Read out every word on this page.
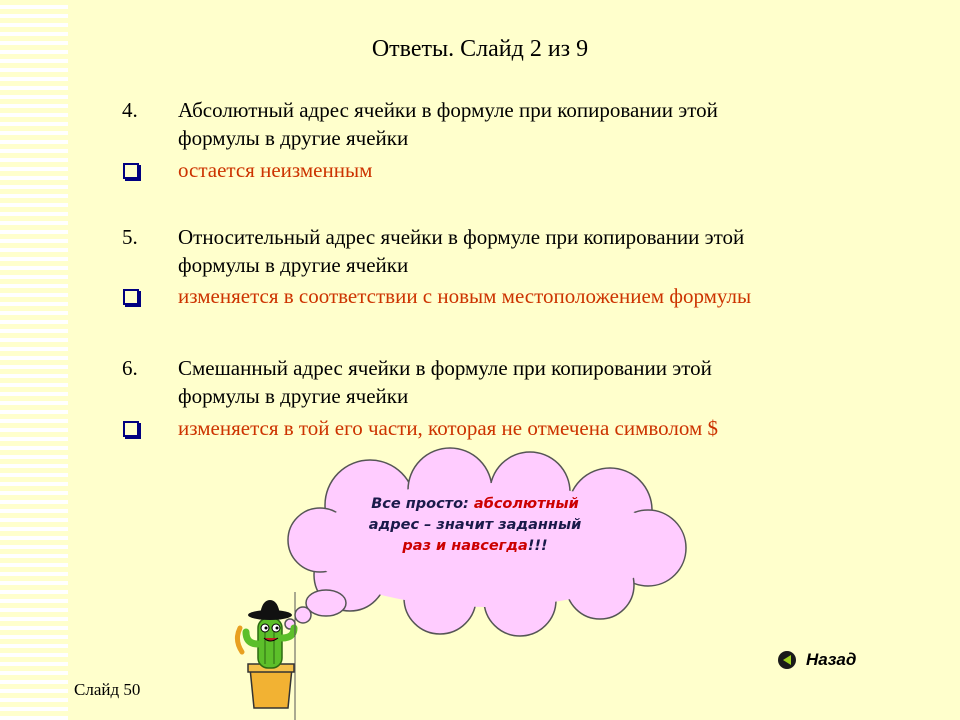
Ответы. Слайд 2 из 9
4. Абсолютный адрес ячейки в формуле при копировании этой
формулы в другие ячейки
остается неизменным
5. Относительный адрес ячейки в формуле при копировании этой
формулы в другие ячейки
изменяется в соответствии с новым местоположением формулы
6. Смешанный адрес ячейки в формуле при копировании этой
формулы в другие ячейки
изменяется в той его части, которая не отмечена символом $
Все просто: абсолютный
адрес – значит заданный
раз и навсегда!!!
Назад
Слайд 50
